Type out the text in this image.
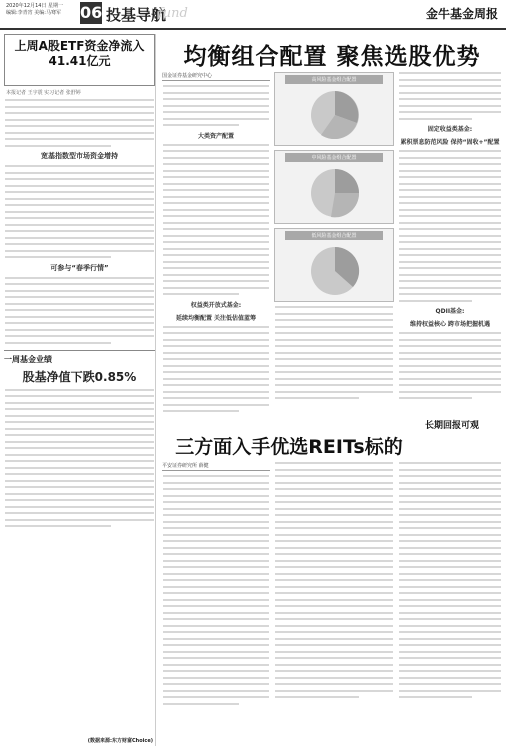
2020年12月14日 星期一
编辑:李青宵 美编:马骞军	06 投基导航
fund	金牛基金周报
上周A股ETF资金净流入41.41亿元
本报记者 王宇震 实习记者 张舒婷
宽基指数型市场资金增持
可参与“春季行情”
一周基金业绩
股基净值下跌0.85%
(数据来源:东方财富Choice)
均衡组合配置 聚焦选股优势
国金证券基金研究中心
大类资产配置
权益类开放式基金:
延续均衡配置 关注低估值蓝筹
高风险基金组合配置
中风险基金组合配置
低风险基金组合配置
固定收益类基金:
累积票息防范风险 保持“固收+”配置
QDII基金:
维持权益核心 跨市场把握机遇
长期回报可观
三方面入手优选REITs标的
平安证券研究所 薛健
